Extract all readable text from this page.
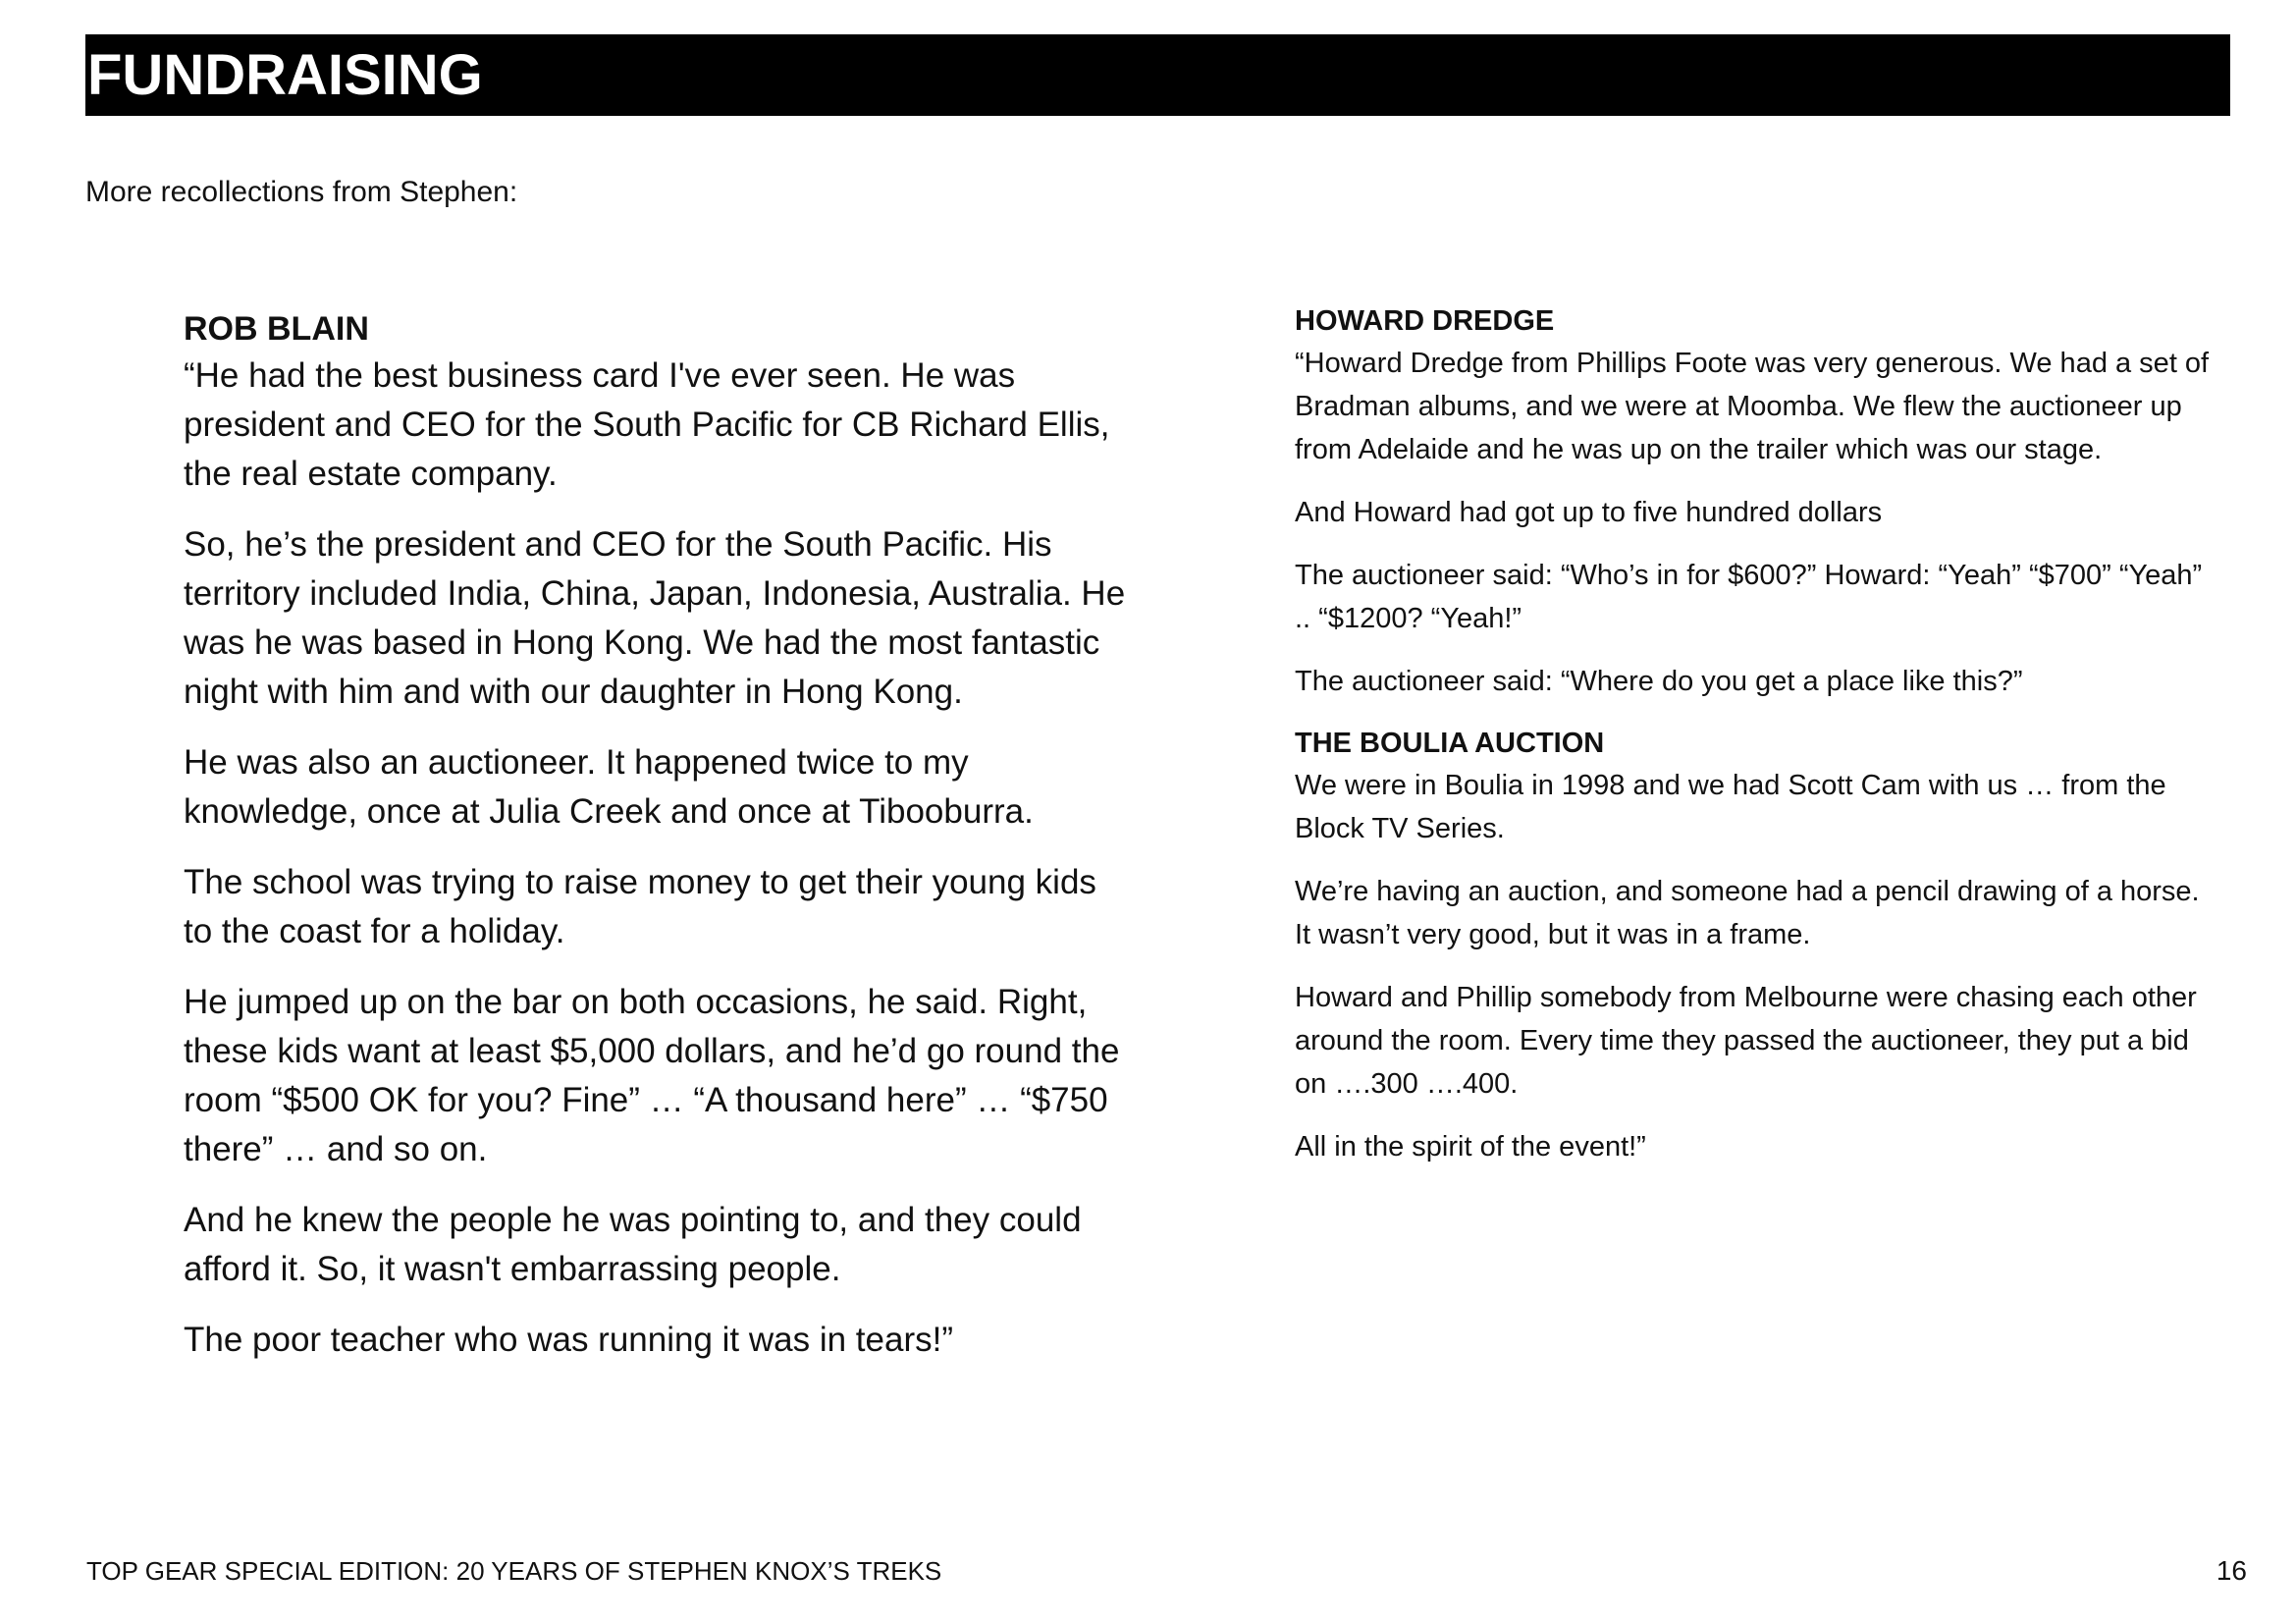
FUNDRAISING
More recollections from Stephen:
ROB BLAIN

“He had the best business card I've ever seen. He was president and CEO for the South Pacific for CB Richard Ellis, the real estate company.

So, he’s the president and CEO for the South Pacific. His territory included India, China, Japan, Indonesia, Australia. He was he was based in Hong Kong. We had the most fantastic night with him and with our daughter in Hong Kong.

He was also an auctioneer. It happened twice to my knowledge, once at Julia Creek and once at Tibooburra.

The school was trying to raise money to get their young kids to the coast for a holiday.

He jumped up on the bar on both occasions, he said. Right, these kids want at least $5,000 dollars, and he’d go round the room “$500 OK for you? Fine” … “A thousand here” … “$750 there” … and so on.

And he knew the people he was pointing to, and they could afford it. So, it wasn't embarrassing people.

The poor teacher who was running it was in tears!”

HOWARD DREDGE

“Howard Dredge from Phillips Foote was very generous. We had a set of Bradman albums, and we were at Moomba. We flew the auctioneer up from Adelaide and he was up on the trailer which was our stage.

And Howard had got up to five hundred dollars

The auctioneer said: “Who’s in for $600?” Howard: “Yeah” “$700” “Yeah” .. “$1200? “Yeah!”

The auctioneer said: “Where do you get a place like this?”

THE BOULIA AUCTION

We were in Boulia in 1998 and we had Scott Cam with us … from the Block TV Series.

We’re having an auction, and someone had a pencil drawing of a horse. It wasn’t very good, but it was in a frame.

Howard and Phillip somebody from Melbourne were chasing each other around the room. Every time they passed the auctioneer, they put a bid on ….300 ….400.

All in the spirit of the event!”

TOP GEAR SPECIAL EDITION: 20 YEARS OF STEPHEN KNOX’S TREKS	16
